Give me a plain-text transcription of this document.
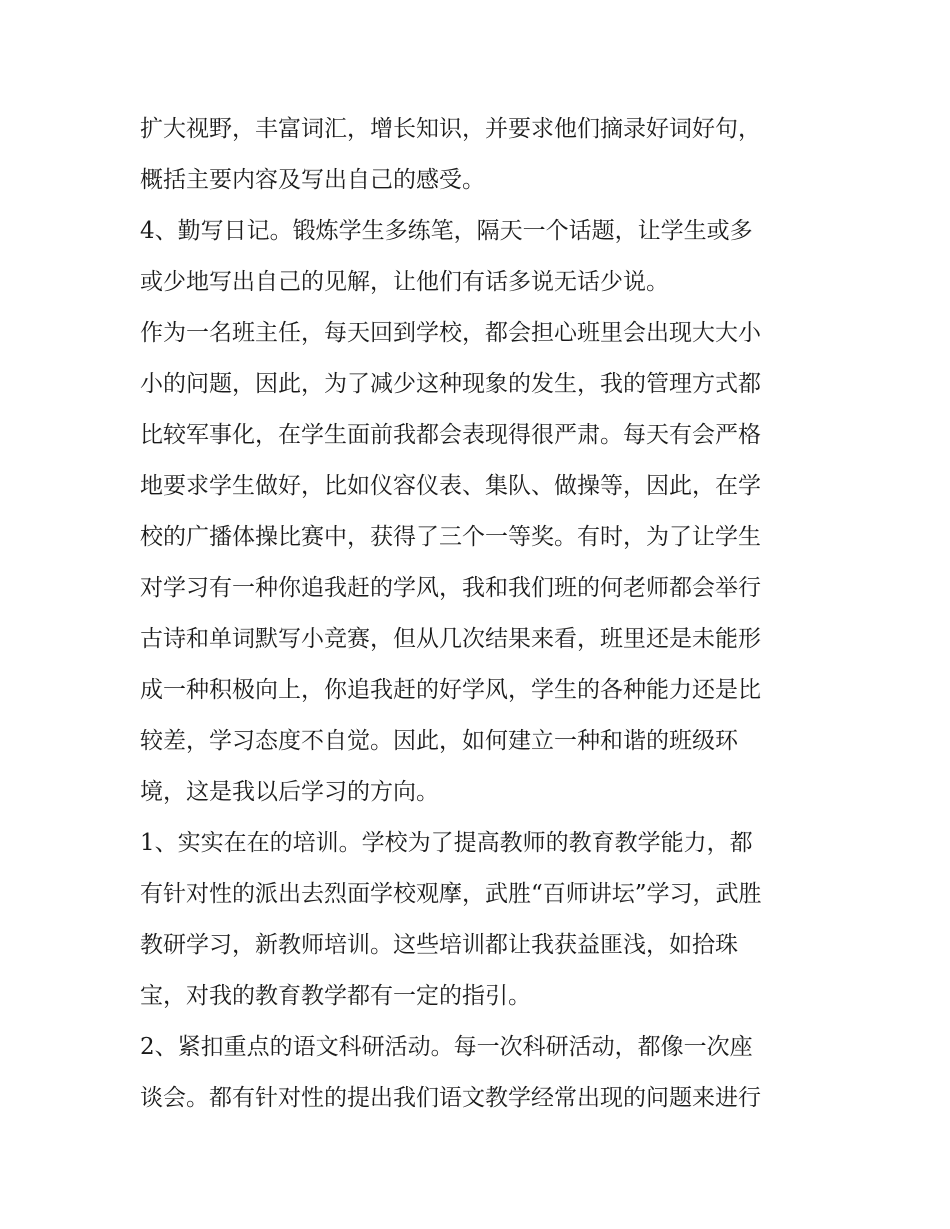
扩大视野，丰富词汇，增长知识，并要求他们摘录好词好句，
概括主要内容及写出自己的感受。
4、勤写日记。锻炼学生多练笔，隔天一个话题，让学生或多
或少地写出自己的见解，让他们有话多说无话少说。
作为一名班主任，每天回到学校，都会担心班里会出现大大小
小的问题，因此，为了减少这种现象的发生，我的管理方式都
比较军事化，在学生面前我都会表现得很严肃。每天有会严格
地要求学生做好，比如仪容仪表、集队、做操等，因此，在学
校的广播体操比赛中，获得了三个一等奖。有时，为了让学生
对学习有一种你追我赶的学风，我和我们班的何老师都会举行
古诗和单词默写小竞赛，但从几次结果来看，班里还是未能形
成一种积极向上，你追我赶的好学风，学生的各种能力还是比
较差，学习态度不自觉。因此，如何建立一种和谐的班级环
境，这是我以后学习的方向。
1、实实在在的培训。学校为了提高教师的教育教学能力，都
有针对性的派出去烈面学校观摩，武胜“百师讲坛”学习，武胜
教研学习，新教师培训。这些培训都让我获益匪浅，如拾珠
宝，对我的教育教学都有一定的指引。
2、紧扣重点的语文科研活动。每一次科研活动，都像一次座
谈会。都有针对性的提出我们语文教学经常出现的问题来进行
